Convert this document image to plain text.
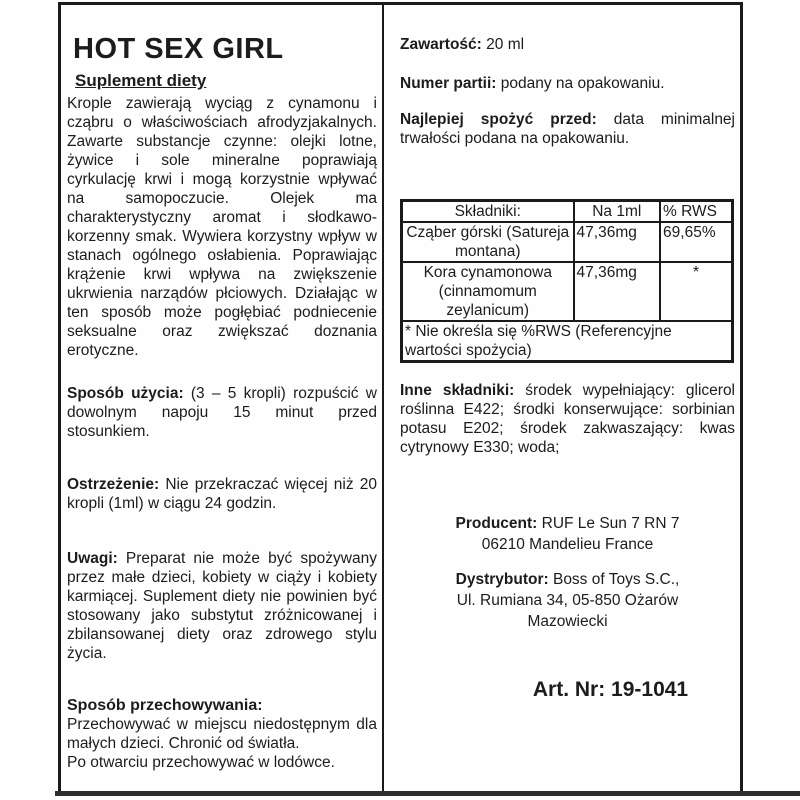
HOT SEX GIRL
Suplement diety

Krople zawierają wyciąg z cynamonu i cząbru o właściwościach afrodyzjakalnych. Zawarte substancje czynne: olejki lotne, żywice i sole mineralne poprawiają cyrkulację krwi i mogą korzystnie wpływać na samopoczucie. Olejek ma charakterystyczny aromat i słodkawo-korzenny smak. Wywiera korzystny wpływ w stanach ogólnego osłabienia. Poprawiając krążenie krwi wpływa na zwiększenie ukrwienia narządów płciowych. Działając w ten sposób może pogłębiać podniecenie seksualne oraz zwiększać doznania erotyczne.

Sposób użycia: (3 – 5 kropli) rozpuścić w dowolnym napoju 15 minut przed stosunkiem.

Ostrzeżenie: Nie przekraczać więcej niż 20 kropli (1ml) w ciągu 24 godzin.

Uwagi: Preparat nie może być spożywany przez małe dzieci, kobiety w ciąży i kobiety karmiącej. Suplement diety nie powinien być stosowany jako substytut zróżnicowanej i zbilansowanej diety oraz zdrowego stylu życia.

Sposób przechowywania:

Przechowywać w miejscu niedostępnym dla małych dzieci. Chronić od światła.

Po otwarciu przechowywać w lodówce.

Zawartość: 20 ml

Numer partii: podany na opakowaniu.

Najlepiej spożyć przed: data minimalnej trwałości podana na opakowaniu.

Składniki:	Na 1ml	% RWS
Cząber górski (Satureja montana)	47,36mg	69,65%
Kora cynamonowa (cinnamomum zeylanicum)	47,36mg	*
* Nie określa się %RWS (Referencyjne wartości spożycia)		

Inne składniki: środek wypełniający: glicerol roślinna E422; środki konserwujące: sorbinian potasu E202; środek zakwaszający: kwas cytrynowy E330; woda;

Producent: RUF Le Sun 7 RN 7

06210 Mandelieu France

Dystrybutor: Boss of Toys S.C.,

Ul. Rumiana 34, 05-850 Ożarów

Mazowiecki

Art. Nr: 19-1041
